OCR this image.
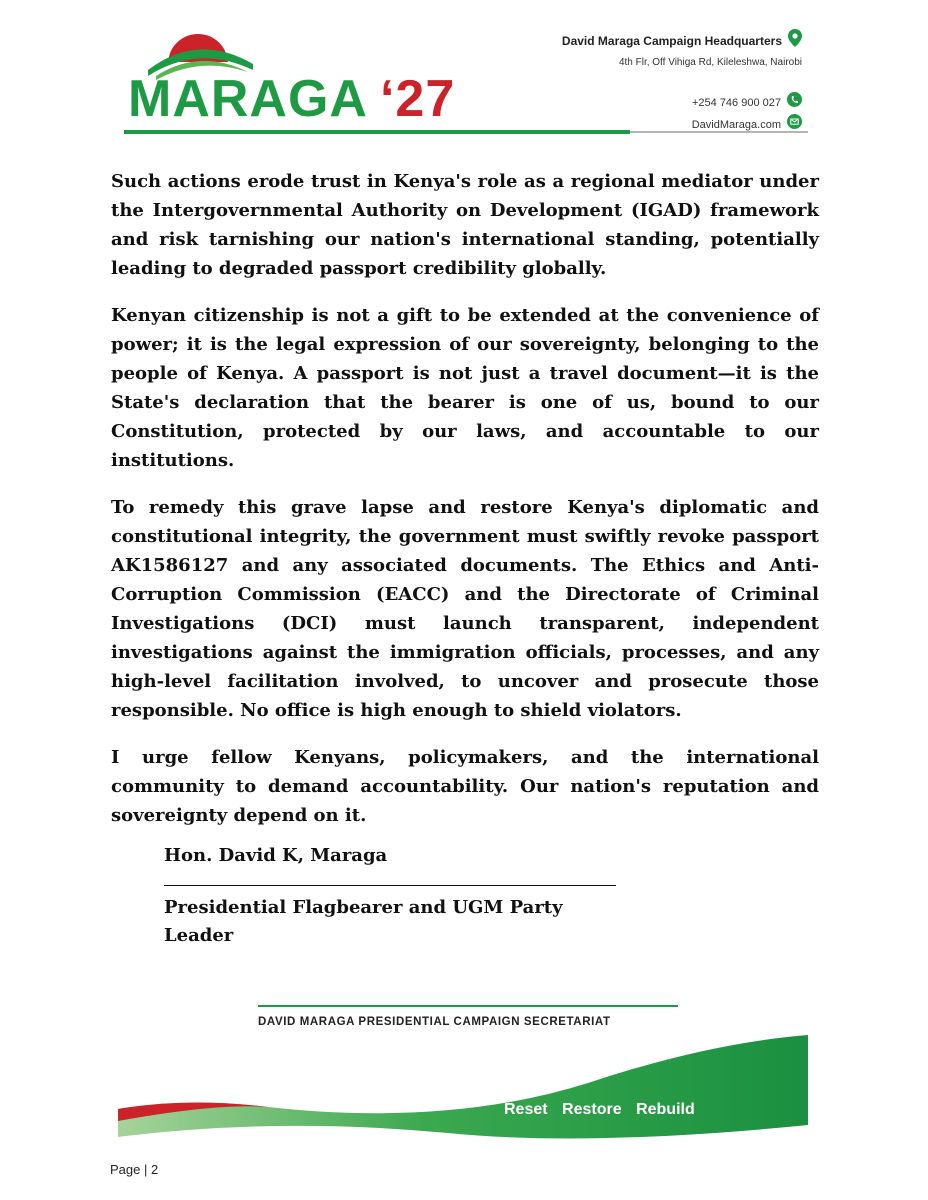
MARAGA ‘27
David Maraga Campaign Headquarters
4th Flr, Off Vihiga Rd, Kileleshwa, Nairobi
+254 746 900 027
DavidMaraga.com

Such actions erode trust in Kenya's role as a regional mediator under the Intergovernmental Authority on Development (IGAD) framework and risk tarnishing our nation's international standing, potentially leading to degraded passport credibility globally.

Kenyan citizenship is not a gift to be extended at the convenience of power; it is the legal expression of our sovereignty, belonging to the people of Kenya. A passport is not just a travel document—it is the State's declaration that the bearer is one of us, bound to our Constitution, protected by our laws, and accountable to our institutions.

To remedy this grave lapse and restore Kenya's diplomatic and constitutional integrity, the government must swiftly revoke passport AK1586127 and any associated documents. The Ethics and Anti-Corruption Commission (EACC) and the Directorate of Criminal Investigations (DCI) must launch transparent, independent investigations against the immigration officials, processes, and any high-level facilitation involved, to uncover and prosecute those responsible. No office is high enough to shield violators.

I urge fellow Kenyans, policymakers, and the international community to demand accountability. Our nation's reputation and sovereignty depend on it.

Hon. David K, Maraga
Presidential Flagbearer and UGM Party Leader
DAVID MARAGA PRESIDENTIAL CAMPAIGN SECRETARIAT
Reset Restore Rebuild
Page | 2
